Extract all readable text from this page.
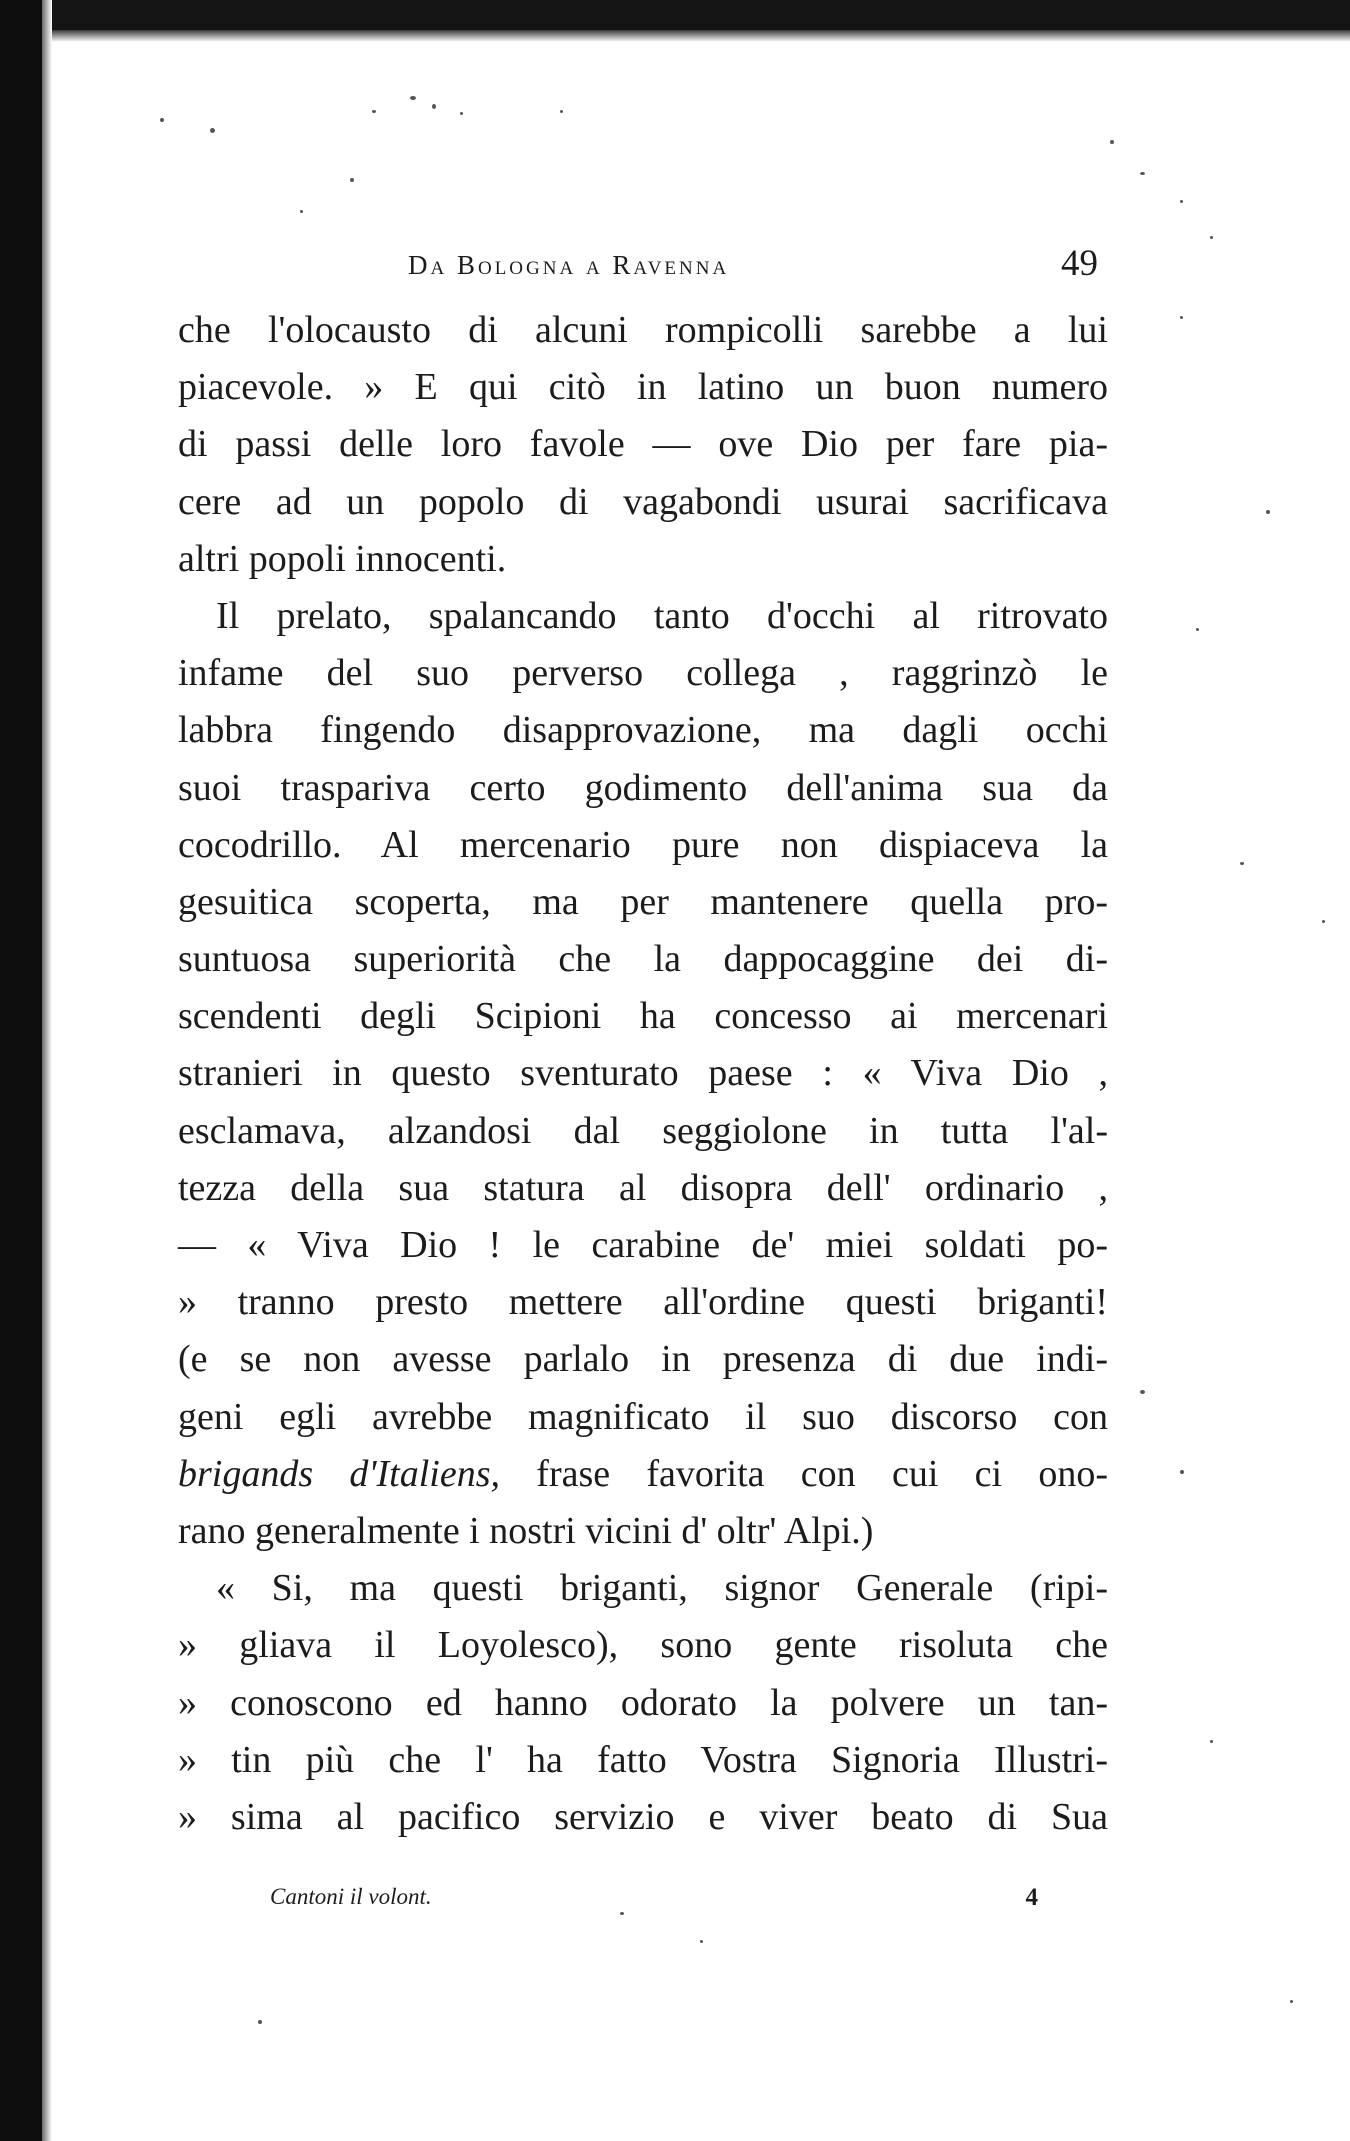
Da Bologna a Ravenna	49
che l'olocausto di alcuni rompicolli sarebbe a lui
piacevole. » E qui citò in latino un buon numero
di passi delle loro favole — ove Dio per fare pia-
cere ad un popolo di vagabondi usurai sacrificava
altri popoli innocenti.
Il prelato, spalancando tanto d'occhi al ritrovato
infame del suo perverso collega , raggrinzò le
labbra fingendo disapprovazione, ma dagli occhi
suoi traspariva certo godimento dell'anima sua da
cocodrillo. Al mercenario pure non dispiaceva la
gesuitica scoperta, ma per mantenere quella pro-
suntuosa superiorità che la dappocaggine dei di-
scendenti degli Scipioni ha concesso ai mercenari
stranieri in questo sventurato paese : « Viva Dio ,
esclamava, alzandosi dal seggiolone in tutta l'al-
tezza della sua statura al disopra dell' ordinario ,
— « Viva Dio ! le carabine de' miei soldati po-
» tranno presto mettere all'ordine questi briganti!
(e se non avesse parlalo in presenza di due indi-
geni egli avrebbe magnificato il suo discorso con
brigands d'Italiens, frase favorita con cui ci ono-
rano generalmente i nostri vicini d' oltr' Alpi.)
« Si, ma questi briganti, signor Generale (ripi-
» gliava il Loyolesco), sono gente risoluta che
» conoscono ed hanno odorato la polvere un tan-
» tin più che l' ha fatto Vostra Signoria Illustri-
» sima al pacifico servizio e viver beato di Sua
Cantoni il volont.	4
